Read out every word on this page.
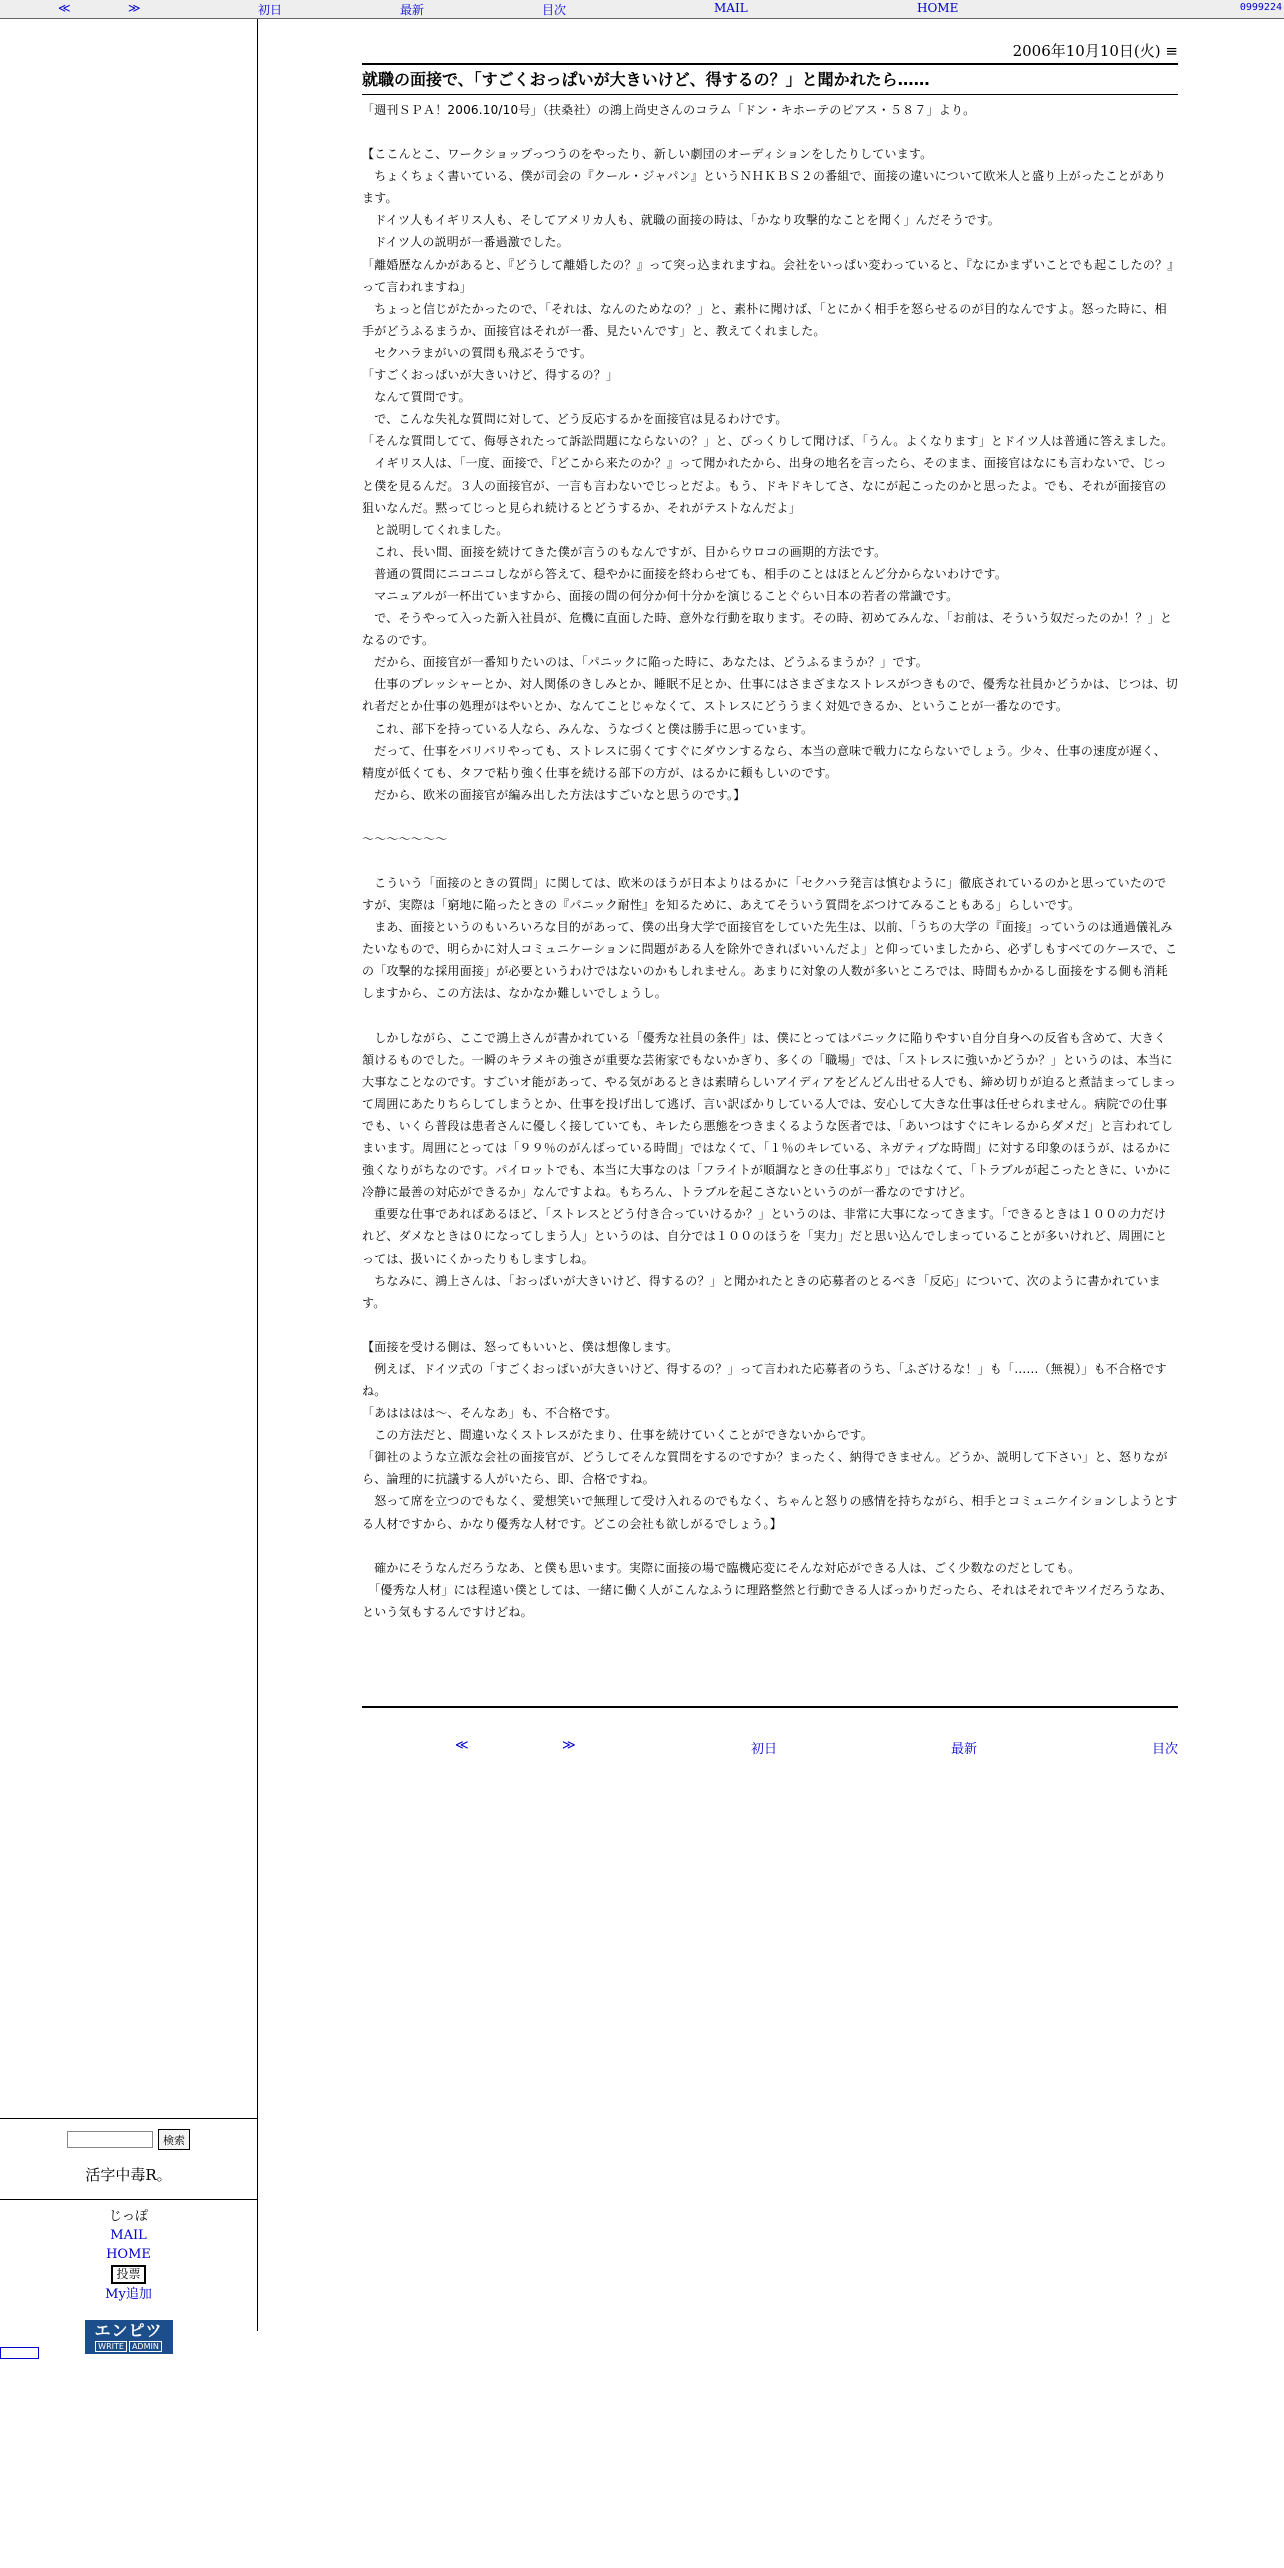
≪	≫	初日	最新	目次	MAIL	HOME	0999224
検索
活字中毒R。
じっぽ
MAIL
HOME
投票
My追加
エンピツ
WRITE ADMIN
2006年10月10日(火) ≡
就職の面接で、「すごくおっぱいが大きいけど、得するの？」と聞かれたら……

「週刊ＳＰＡ！2006.10/10号」（扶桑社）の鴻上尚史さんのコラム「ドン・キホーテのピアス・５８７」より。

【ここんとこ、ワークショップっつうのをやったり、新しい劇団のオーディションをしたりしています。

　ちょくちょく書いている、僕が司会の『クール・ジャパン』というＮＨＫＢＳ２の番組で、面接の違いについて欧米人と盛り上がったことがあります。

　ドイツ人もイギリス人も、そしてアメリカ人も、就職の面接の時は、「かなり攻撃的なことを聞く」んだそうです。

　ドイツ人の説明が一番過激でした。

「離婚歴なんかがあると、『どうして離婚したの？』って突っ込まれますね。会社をいっぱい変わっていると、『なにかまずいことでも起こしたの？』って言われますね」

　ちょっと信じがたかったので、「それは、なんのためなの？」と、素朴に聞けば、「とにかく相手を怒らせるのが目的なんですよ。怒った時に、相手がどうふるまうか、面接官はそれが一番、見たいんです」と、教えてくれました。

　セクハラまがいの質問も飛ぶそうです。

「すごくおっぱいが大きいけど、得するの？」

　なんて質問です。

　で、こんな失礼な質問に対して、どう反応するかを面接官は見るわけです。

「そんな質問してて、侮辱されたって訴訟問題にならないの？」と、びっくりして聞けば、「うん。よくなります」とドイツ人は普通に答えました。

　イギリス人は、「一度、面接で、『どこから来たのか？』って聞かれたから、出身の地名を言ったら、そのまま、面接官はなにも言わないで、じっと僕を見るんだ。３人の面接官が、一言も言わないでじっとだよ。もう、ドキドキしてさ、なにが起こったのかと思ったよ。でも、それが面接官の狙いなんだ。黙ってじっと見られ続けるとどうするか、それがテストなんだよ」

　と説明してくれました。

　これ、長い間、面接を続けてきた僕が言うのもなんですが、目からウロコの画期的方法です。

　普通の質問にニコニコしながら答えて、穏やかに面接を終わらせても、相手のことはほとんど分からないわけです。

　マニュアルが一杯出ていますから、面接の間の何分か何十分かを演じることぐらい日本の若者の常識です。

　で、そうやって入った新入社員が、危機に直面した時、意外な行動を取ります。その時、初めてみんな、「お前は、そういう奴だったのか！？」となるのです。

　だから、面接官が一番知りたいのは、「パニックに陥った時に、あなたは、どうふるまうか？」です。

　仕事のプレッシャーとか、対人関係のきしみとか、睡眠不足とか、仕事にはさまざまなストレスがつきもので、優秀な社員かどうかは、じつは、切れ者だとか仕事の処理がはやいとか、なんてことじゃなくて、ストレスにどううまく対処できるか、ということが一番なのです。

　これ、部下を持っている人なら、みんな、うなづくと僕は勝手に思っています。

　だって、仕事をバリバリやっても、ストレスに弱くてすぐにダウンするなら、本当の意味で戦力にならないでしょう。少々、仕事の速度が遅く、精度が低くても、タフで粘り強く仕事を続ける部下の方が、はるかに頼もしいのです。

　だから、欧米の面接官が編み出した方法はすごいなと思うのです。】

～～～～～～～

　こういう「面接のときの質問」に関しては、欧米のほうが日本よりはるかに「セクハラ発言は慎むように」徹底されているのかと思っていたのですが、実際は「窮地に陥ったときの『パニック耐性』を知るために、あえてそういう質問をぶつけてみることもある」らしいです。

　まあ、面接というのもいろいろな目的があって、僕の出身大学で面接官をしていた先生は、以前、「うちの大学の『面接』っていうのは通過儀礼みたいなもので、明らかに対人コミュニケーションに問題がある人を除外できればいいんだよ」と仰っていましたから、必ずしもすべてのケースで、この「攻撃的な採用面接」が必要というわけではないのかもしれません。あまりに対象の人数が多いところでは、時間もかかるし面接をする側も消耗しますから、この方法は、なかなか難しいでしょうし。

　しかしながら、ここで鴻上さんが書かれている「優秀な社員の条件」は、僕にとってはパニックに陥りやすい自分自身への反省も含めて、大きく頷けるものでした。一瞬のキラメキの強さが重要な芸術家でもないかぎり、多くの「職場」では、「ストレスに強いかどうか？」というのは、本当に大事なことなのです。すごいオ能があって、やる気があるときは素晴らしいアイディアをどんどん出せる人でも、締め切りが迫ると煮詰まってしまって周囲にあたりちらしてしまうとか、仕事を投げ出して逃げ、言い訳ばかりしている人では、安心して大きな仕事は任せられません。病院での仕事でも、いくら普段は患者さんに優しく接していても、キレたら悪態をつきまくるような医者では、「あいつはすぐにキレるからダメだ」と言われてしまいます。周囲にとっては「９９％のがんばっている時間」ではなくて、「１％のキレている、ネガティブな時間」に対する印象のほうが、はるかに強くなりがちなのです。パイロットでも、本当に大事なのは「フライトが順調なときの仕事ぶり」ではなくて、「トラブルが起こったときに、いかに冷静に最善の対応ができるか」なんですよね。もちろん、トラブルを起こさないというのが一番なのですけど。

　重要な仕事であればあるほど、「ストレスとどう付き合っていけるか？」というのは、非常に大事になってきます。「できるときは１００の力だけれど、ダメなときは０になってしまう人」というのは、自分では１００のほうを「実力」だと思い込んでしまっていることが多いけれど、周囲にとっては、扱いにくかったりもしますしね。

　ちなみに、鴻上さんは、「おっぱいが大きいけど、得するの？」と聞かれたときの応募者のとるべき「反応」について、次のように書かれています。

【面接を受ける側は、怒ってもいいと、僕は想像します。

　例えば、ドイツ式の「すごくおっぱいが大きいけど、得するの？」って言われた応募者のうち、「ふざけるな！」も「……（無視）」も不合格ですね。

「あはははは～、そんなあ」も、不合格です。

　この方法だと、間違いなくストレスがたまり、仕事を続けていくことができないからです。

「御社のような立派な会社の面接官が、どうしてそんな質問をするのですか？まったく、納得できません。どうか、説明して下さい」と、怒りながら、論理的に抗議する人がいたら、即、合格ですね。

　怒って席を立つのでもなく、愛想笑いで無理して受け入れるのでもなく、ちゃんと怒りの感情を持ちながら、相手とコミュニケイションしようとする人材ですから、かなり優秀な人材です。どこの会社も欲しがるでしょう。】

　確かにそうなんだろうなあ、と僕も思います。実際に面接の場で臨機応変にそんな対応ができる人は、ごく少数なのだとしても。

　「優秀な人材」には程遠い僕としては、一緒に働く人がこんなふうに理路整然と行動できる人ばっかりだったら、それはそれでキツイだろうなあ、という気もするんですけどね。

≪	≫	初日	最新	目次
